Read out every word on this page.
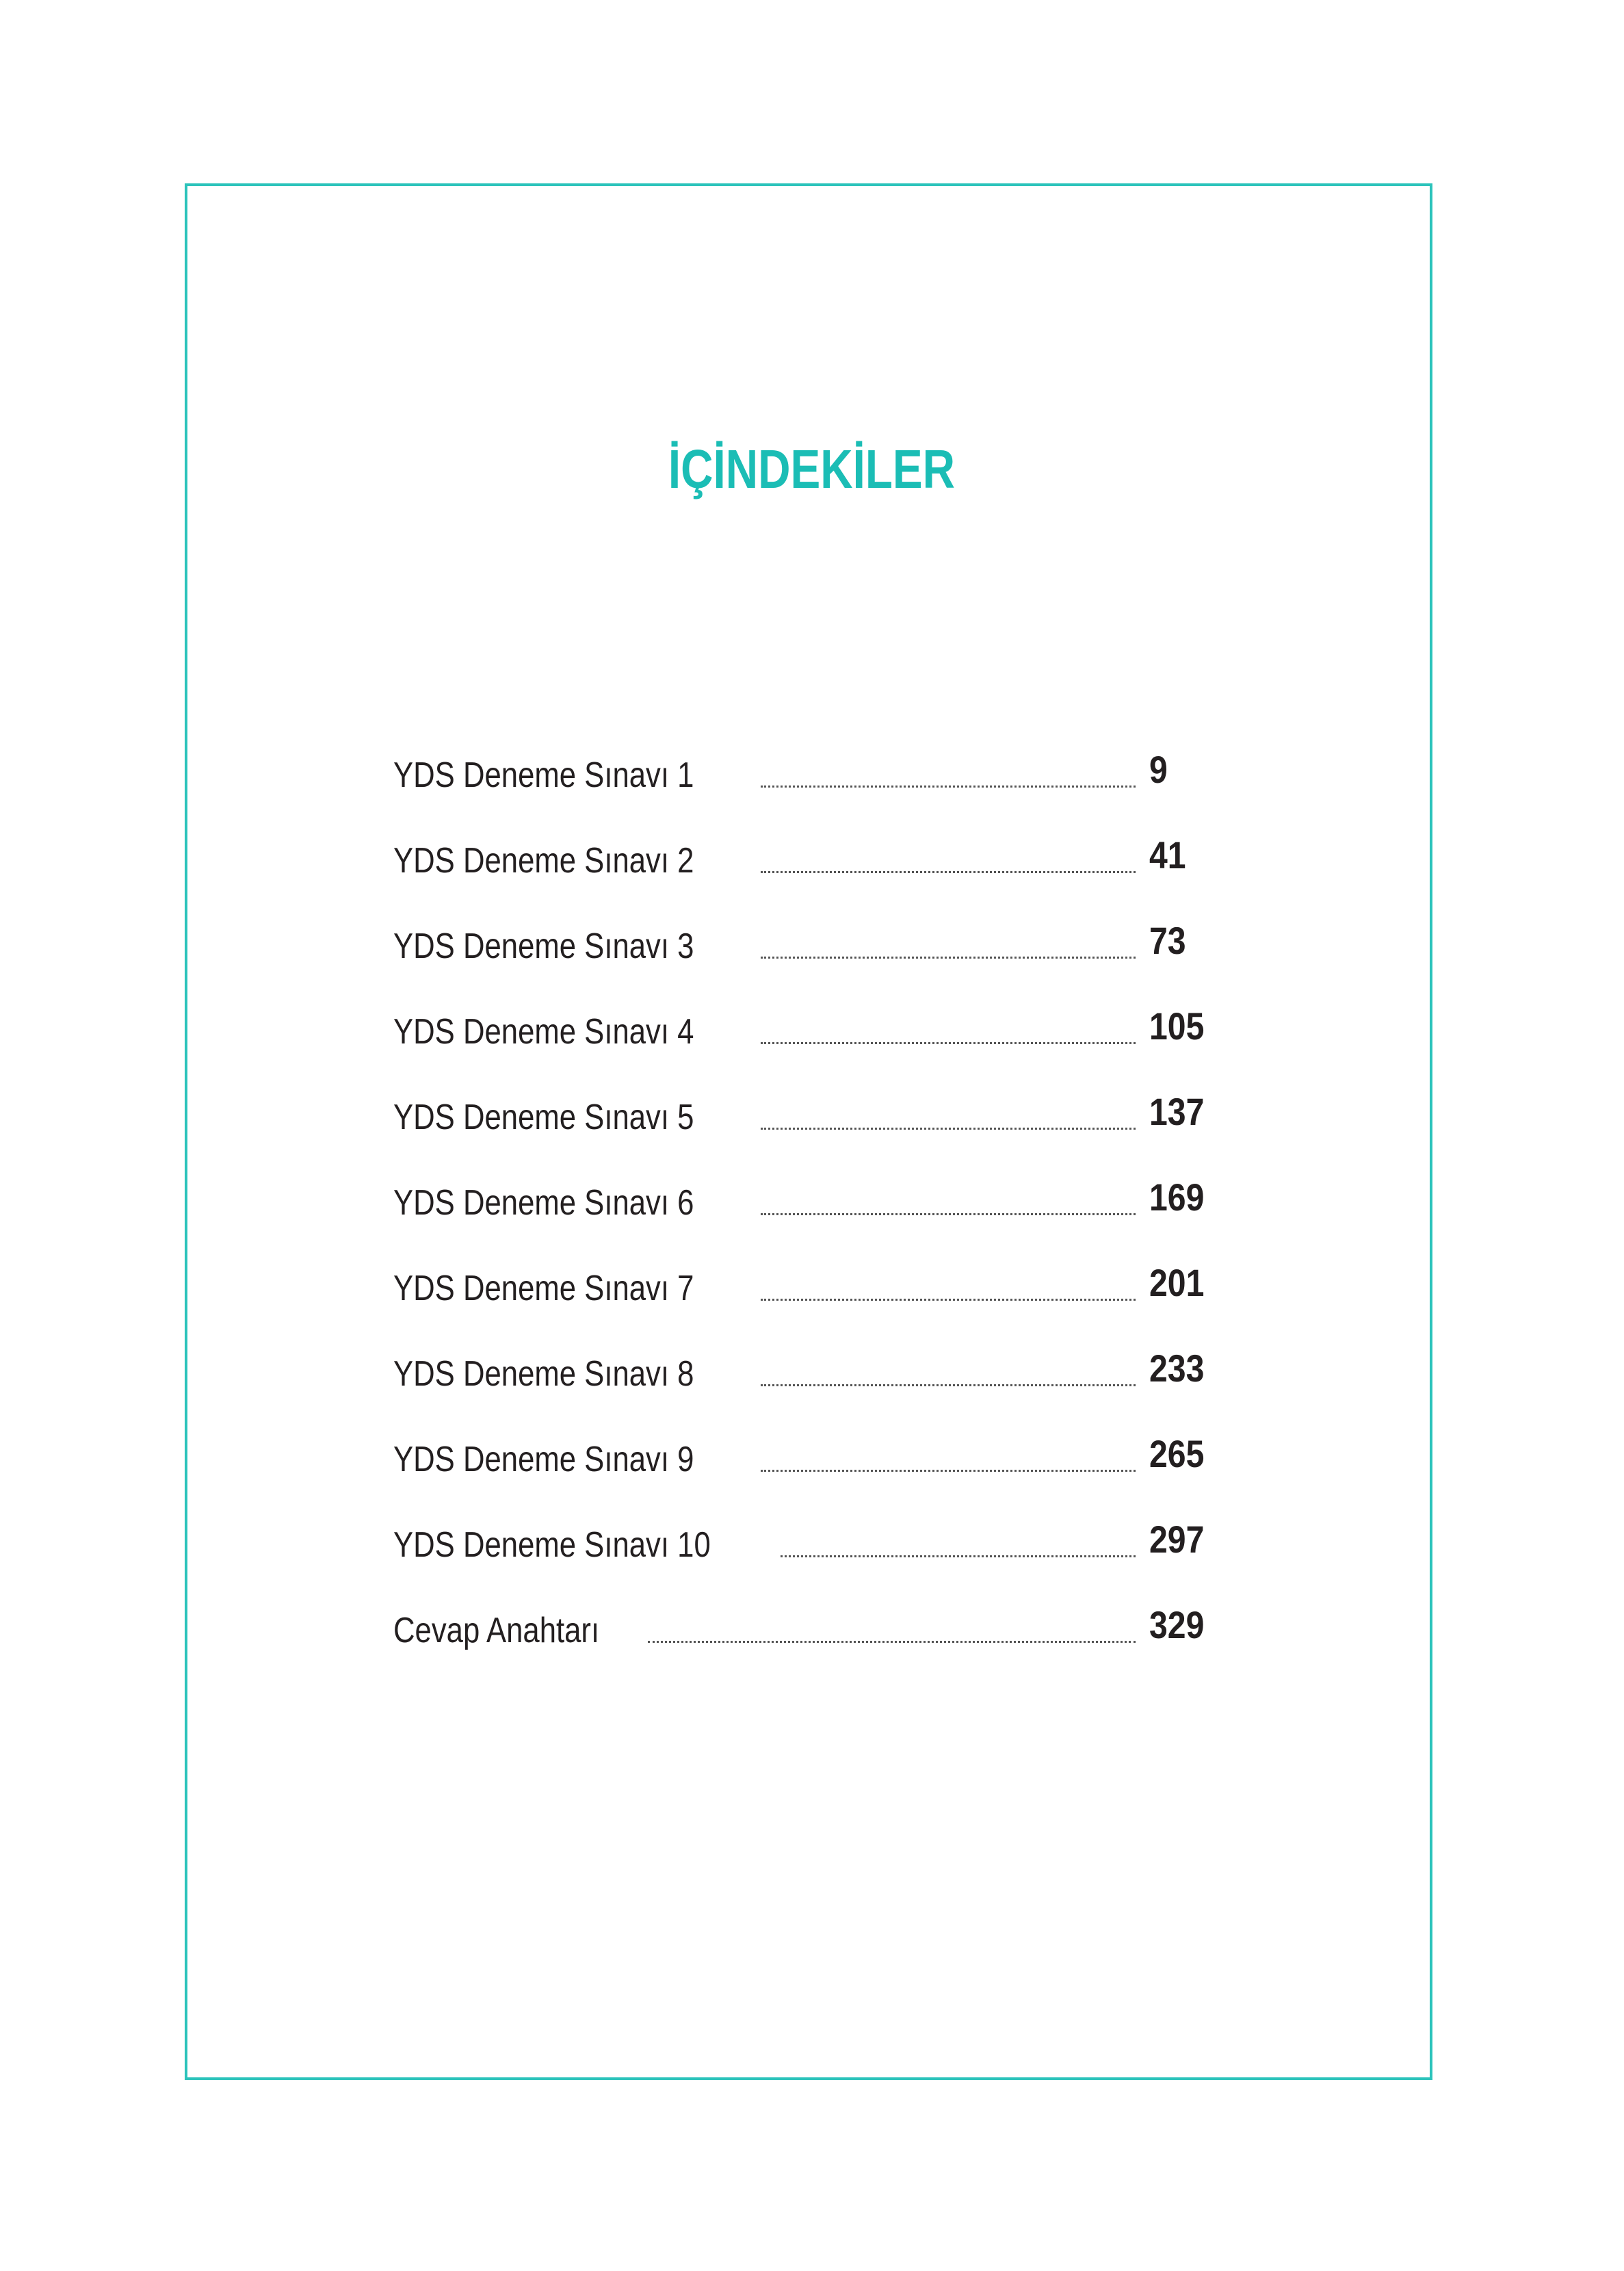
İÇİNDEKİLER
YDS Deneme Sınavı 1	9
YDS Deneme Sınavı 2	41
YDS Deneme Sınavı 3	73
YDS Deneme Sınavı 4	105
YDS Deneme Sınavı 5	137
YDS Deneme Sınavı 6	169
YDS Deneme Sınavı 7	201
YDS Deneme Sınavı 8	233
YDS Deneme Sınavı 9	265
YDS Deneme Sınavı 10	297
Cevap Anahtarı	329
